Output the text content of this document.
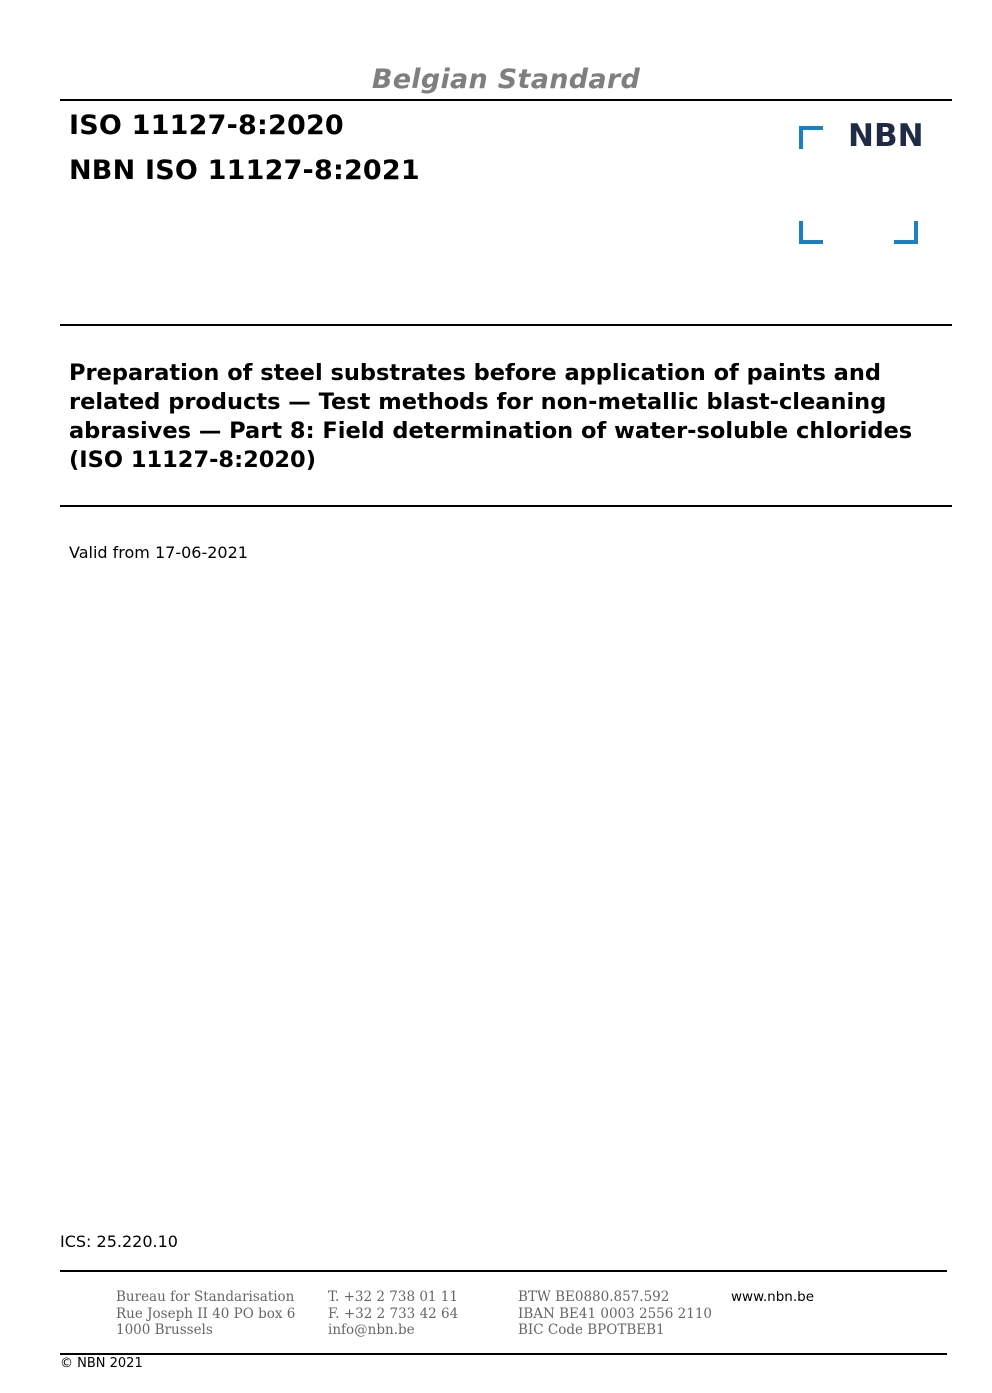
Belgian Standard
ISO 11127-8:2020
NBN ISO 11127-8:2021
NBN
Preparation of steel substrates before application of paints and
related products — Test methods for non-metallic blast-cleaning
abrasives — Part 8: Field determination of water-soluble chlorides
(ISO 11127-8:2020)
Valid from 17-06-2021
ICS: 25.220.10
Bureau for Standarisation
Rue Joseph II 40 PO box 6
1000 Brussels
T. +32 2 738 01 11
F. +32 2 733 42 64
info@nbn.be
BTW BE0880.857.592
IBAN BE41 0003 2556 2110
BIC Code BPOTBEB1
www.nbn.be
© NBN 2021
